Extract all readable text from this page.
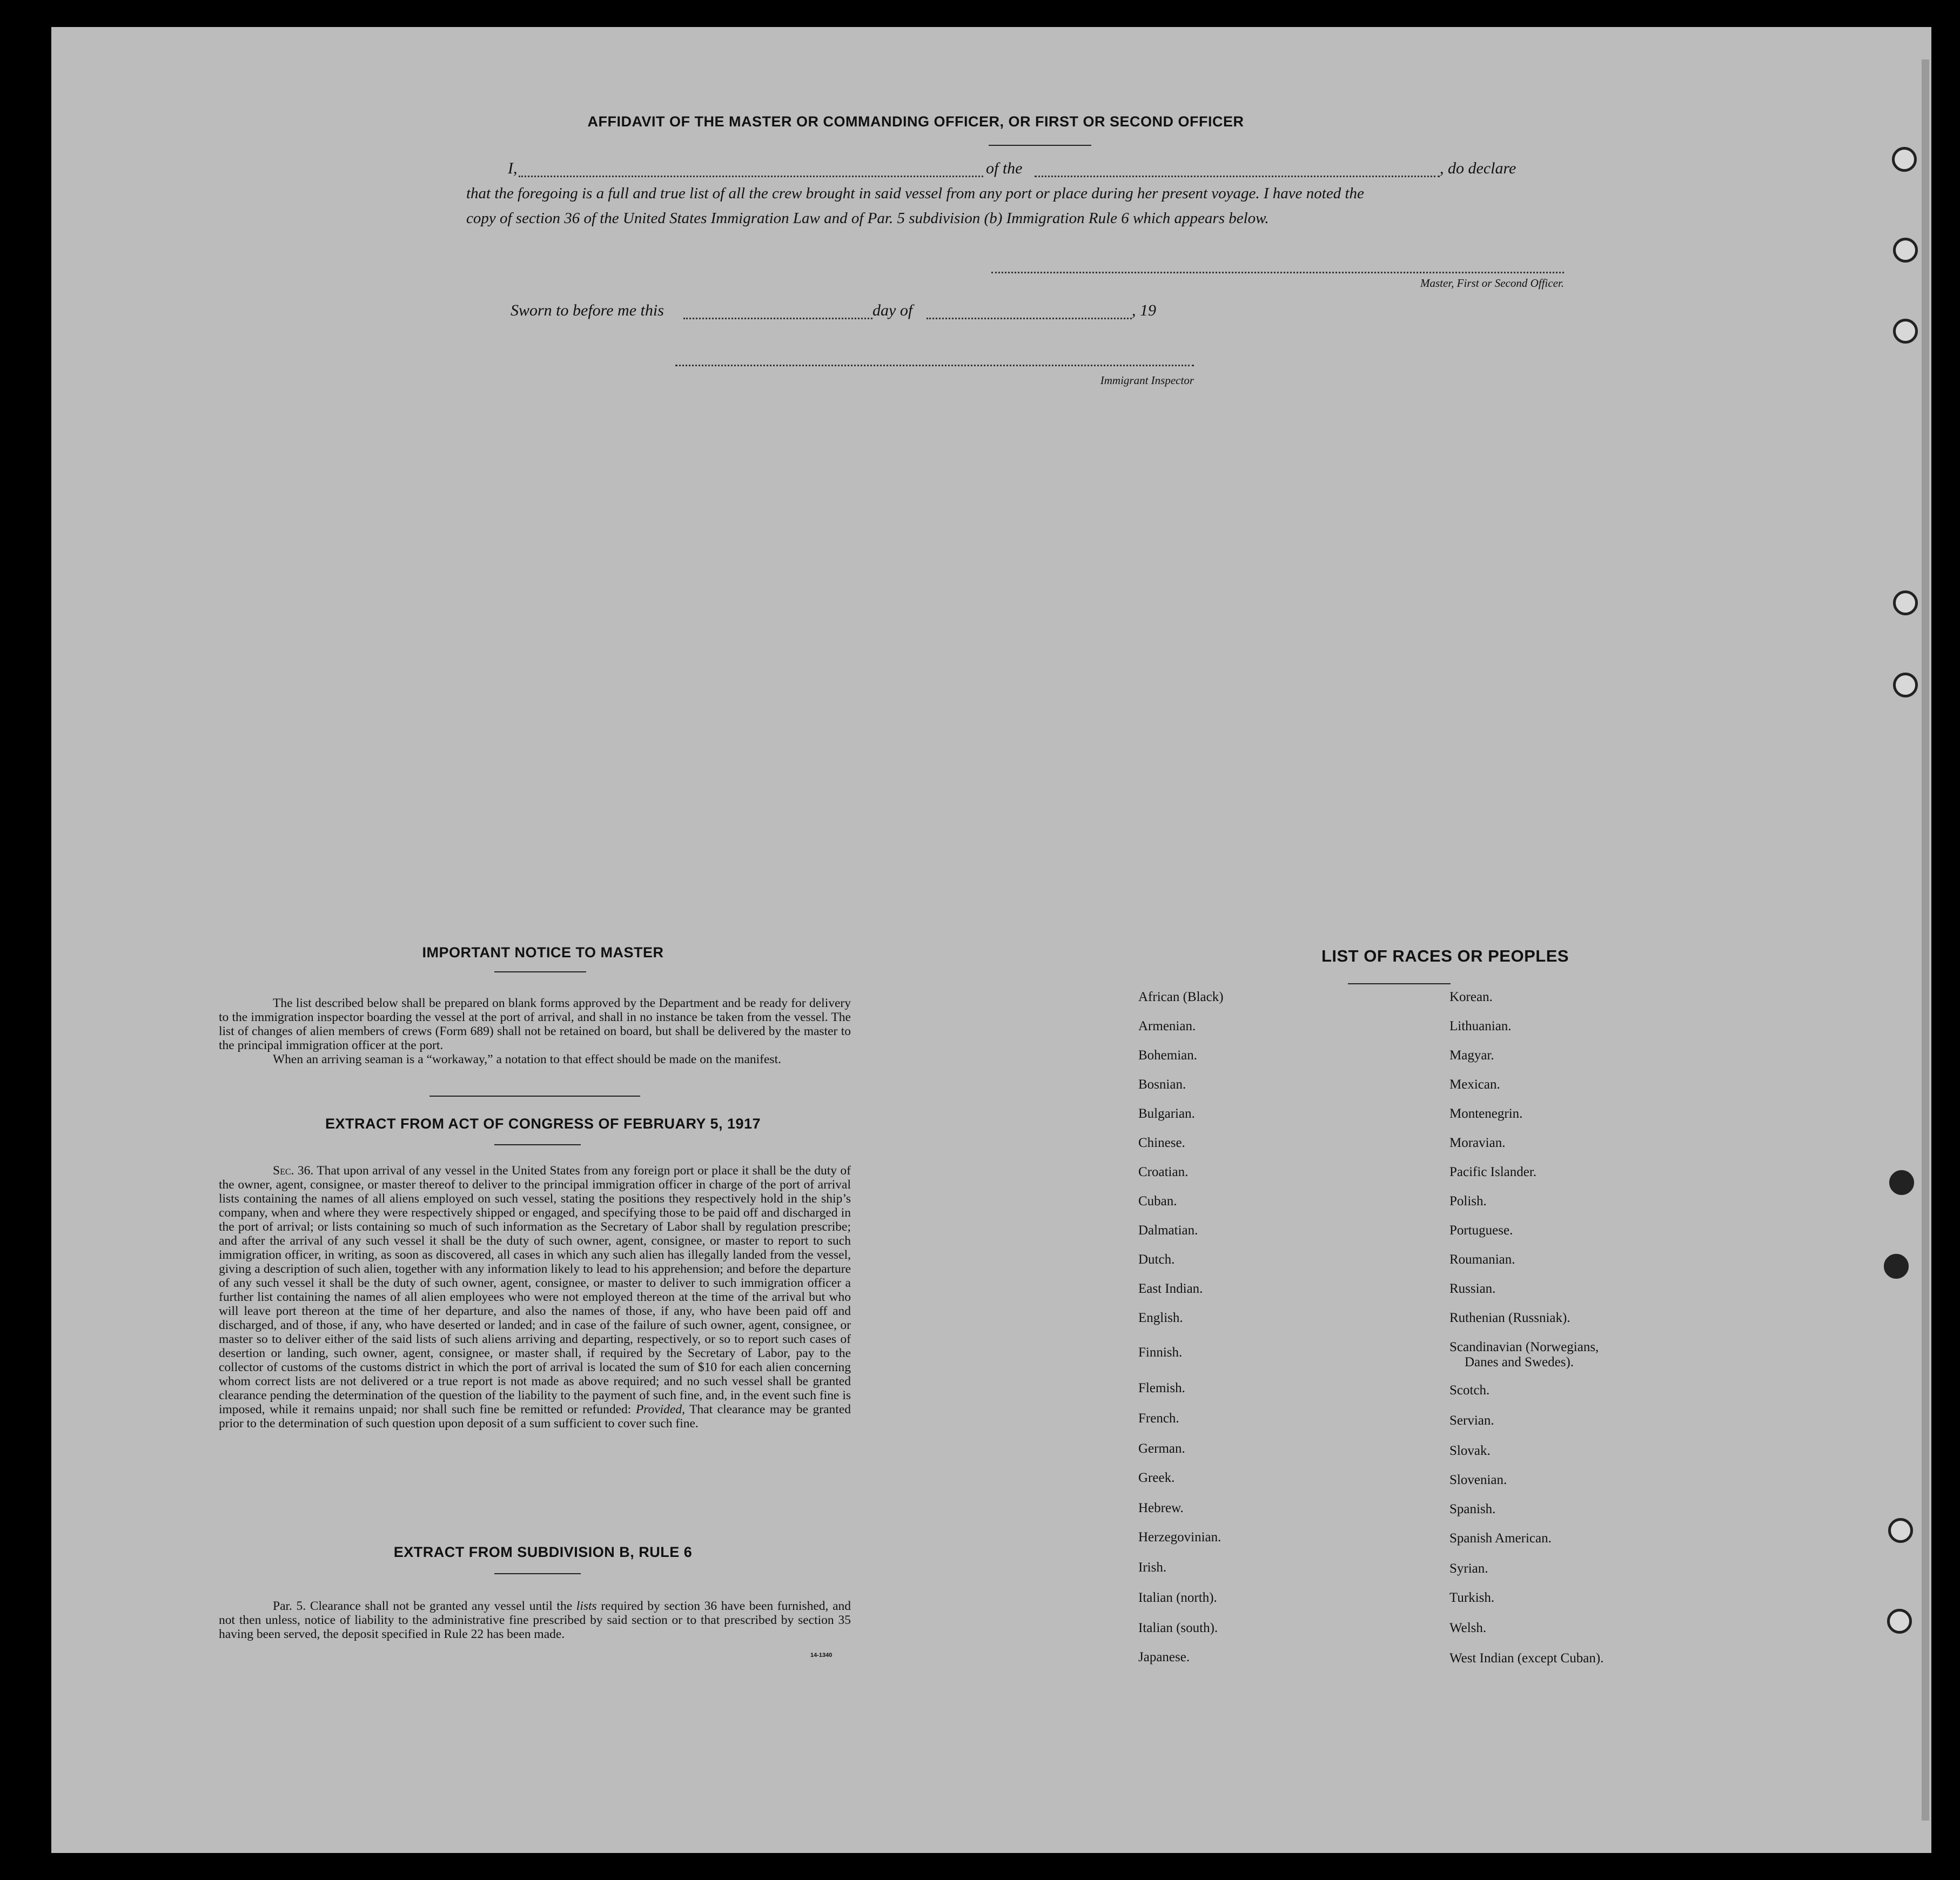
AFFIDAVIT OF THE MASTER OR COMMANDING OFFICER, OR FIRST OR SECOND OFFICER
I,	of the	, do declare
that the foregoing is a full and true list of all the crew brought in said vessel from any port or place during her present voyage. I have noted the
copy of section 36 of the United States Immigration Law and of Par. 5 subdivision (b) Immigration Rule 6 which appears below.
Master, First or Second Officer.
Sworn to before me this	day of	, 19
Immigrant Inspector
IMPORTANT NOTICE TO MASTER
The list described below shall be prepared on blank forms approved by the Department and be ready for delivery to the immigration inspector boarding the vessel at the port of arrival, and shall in no instance be taken from the vessel. The list of changes of alien members of crews (Form 689) shall not be retained on board, but shall be delivered by the master to the principal immigration officer at the port.
When an arriving seaman is a “workaway,” a notation to that effect should be made on the manifest.
EXTRACT FROM ACT OF CONGRESS OF FEBRUARY 5, 1917
Sec. 36. That upon arrival of any vessel in the United States from any foreign port or place it shall be the duty of the owner, agent, consignee, or master thereof to deliver to the principal immigration officer in charge of the port of arrival lists containing the names of all aliens employed on such vessel, stating the positions they respectively hold in the ship’s company, when and where they were respectively shipped or engaged, and specifying those to be paid off and discharged in the port of arrival; or lists containing so much of such information as the Secretary of Labor shall by regulation prescribe; and after the arrival of any such vessel it shall be the duty of such owner, agent, consignee, or master to report to such immigration officer, in writing, as soon as discovered, all cases in which any such alien has illegally landed from the vessel, giving a description of such alien, together with any information likely to lead to his apprehension; and before the departure of any such vessel it shall be the duty of such owner, agent, consignee, or master to deliver to such immigration officer a further list containing the names of all alien employees who were not employed thereon at the time of the arrival but who will leave port thereon at the time of her departure, and also the names of those, if any, who have been paid off and discharged, and of those, if any, who have deserted or landed; and in case of the failure of such owner, agent, consignee, or master so to deliver either of the said lists of such aliens arriving and departing, respectively, or so to report such cases of desertion or landing, such owner, agent, consignee, or master shall, if required by the Secretary of Labor, pay to the collector of customs of the customs district in which the port of arrival is located the sum of $10 for each alien concerning whom correct lists are not delivered or a true report is not made as above required; and no such vessel shall be granted clearance pending the determination of the question of the liability to the payment of such fine, and, in the event such fine is imposed, while it remains unpaid; nor shall such fine be remitted or refunded: Provided, That clearance may be granted prior to the determination of such question upon deposit of a sum sufficient to cover such fine.
EXTRACT FROM SUBDIVISION B, RULE 6
Par. 5. Clearance shall not be granted any vessel until the lists required by section 36 have been furnished, and not then unless, notice of liability to the administrative fine prescribed by said section or to that prescribed by section 35 having been served, the deposit specified in Rule 22 has been made.
14-1340
LIST OF RACES OR PEOPLES
African (Black)
Armenian.
Bohemian.
Bosnian.
Bulgarian.
Chinese.
Croatian.
Cuban.
Dalmatian.
Dutch.
East Indian.
English.
Finnish.
Flemish.
French.
German.
Greek.
Hebrew.
Herzegovinian.
Irish.
Italian (north).
Italian (south).
Japanese.
Korean.
Lithuanian.
Magyar.
Mexican.
Montenegrin.
Moravian.
Pacific Islander.
Polish.
Portuguese.
Roumanian.
Russian.
Ruthenian (Russniak).
Scandinavian (Norwegians,
Danes and Swedes).
Scotch.
Servian.
Slovak.
Slovenian.
Spanish.
Spanish American.
Syrian.
Turkish.
Welsh.
West Indian (except Cuban).
